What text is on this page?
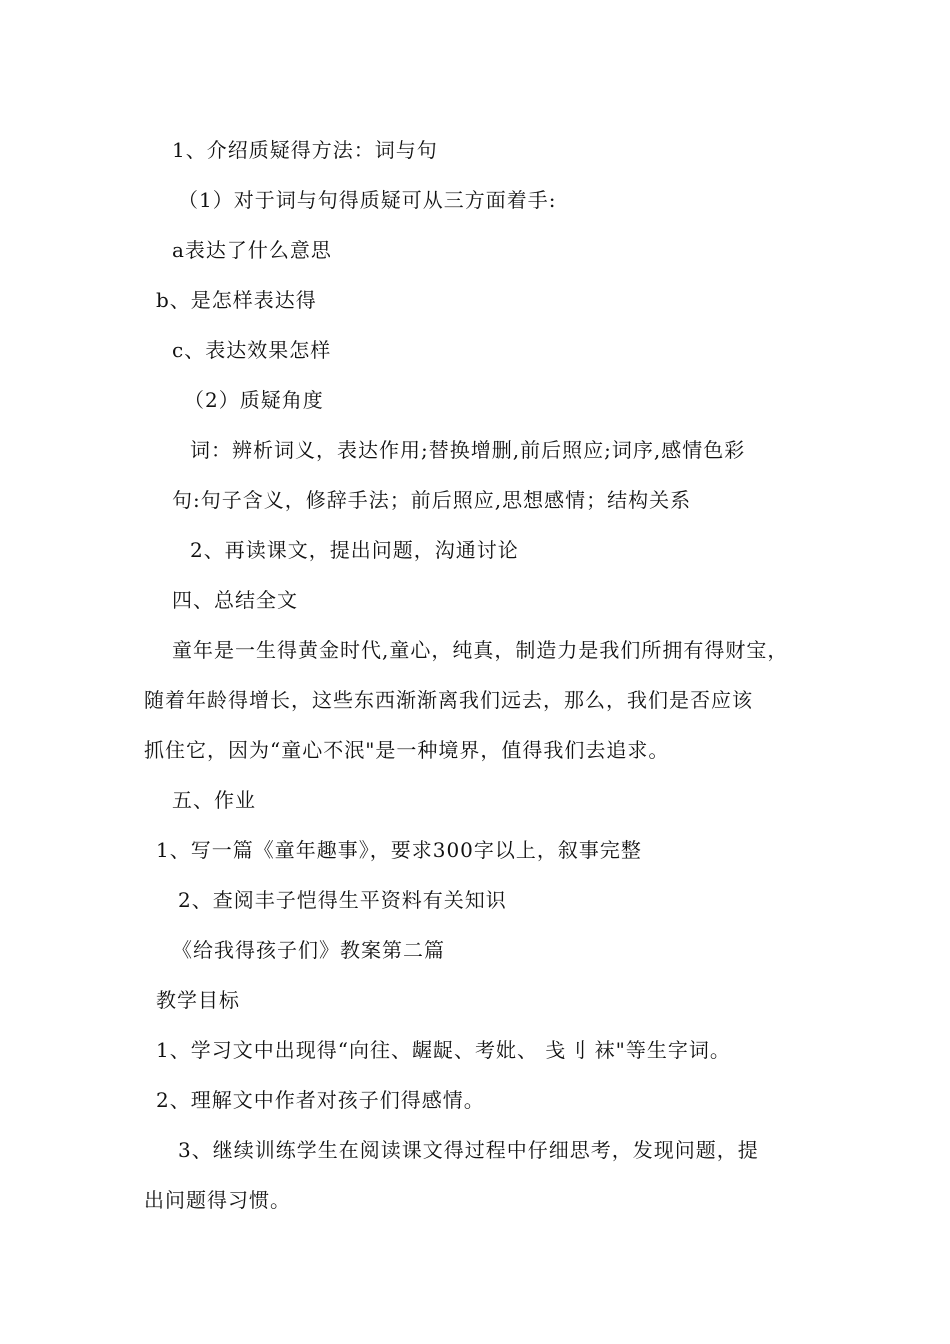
1、介绍质疑得方法：词与句
（1）对于词与句得质疑可从三方面着手:
a表达了什么意思
b、是怎样表达得
c、表达效果怎样
（2）质疑角度
词：辨析词义，表达作用;替换增删,前后照应;词序,感情色彩
句:句子含义，修辞手法；前后照应,思想感情；结构关系
2、再读课文，提出问题，沟通讨论
四、总结全文
童年是一生得黄金时代,童心，纯真，制造力是我们所拥有得财宝，
随着年龄得增长，这些东西渐渐离我们远去，那么，我们是否应该
抓住它，因为“童心不泯"是一种境界，值得我们去追求。
五、作业
1、写一篇《童年趣事》，要求300字以上，叙事完整
2、查阅丰子恺得生平资料有关知识
《给我得孩子们》教案第二篇
教学目标
1、学习文中出现得“向往、龌龊、考妣、 戋刂 袜"等生字词。
2、理解文中作者对孩子们得感情。
3、继续训练学生在阅读课文得过程中仔细思考，发现问题，提
出问题得习惯。
